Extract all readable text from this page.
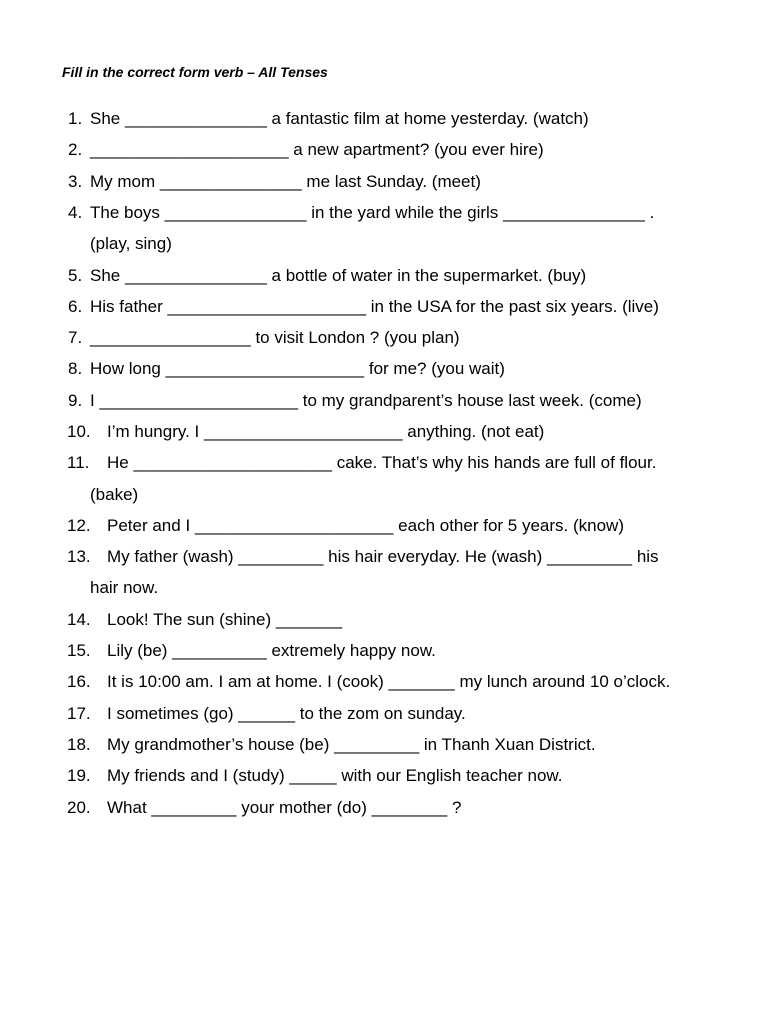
Fill in the correct form verb – All Tenses
1. She _______________ a fantastic film at home yesterday. (watch)
2. _____________________ a new apartment? (you ever hire)
3. My mom _______________ me last Sunday. (meet)
4. The boys _______________ in the yard while the girls _______________ .
(play, sing)
5. She _______________ a bottle of water in the supermarket. (buy)
6. His father _____________________ in the USA for the past six years. (live)
7. _________________ to visit London ? (you plan)
8. How long _____________________ for me? (you wait)
9. I _____________________ to my grandparent’s house last week. (come)
10. I’m hungry. I _____________________ anything. (not eat)
11. He _____________________ cake. That’s why his hands are full of flour.
(bake)
12. Peter and I _____________________ each other for 5 years. (know)
13. My father (wash) _________ his hair everyday. He (wash) _________ his
hair now.
14. Look! The sun (shine) _______
15. Lily (be) __________ extremely happy now.
16. It is 10:00 am. I am at home. I (cook) _______ my lunch around 10 o’clock.
17. I sometimes (go) ______ to the zom on sunday.
18. My grandmother’s house (be) _________ in Thanh Xuan District.
19. My friends and I (study) _____ with our English teacher now.
20. What _________ your mother (do) ________ ?
